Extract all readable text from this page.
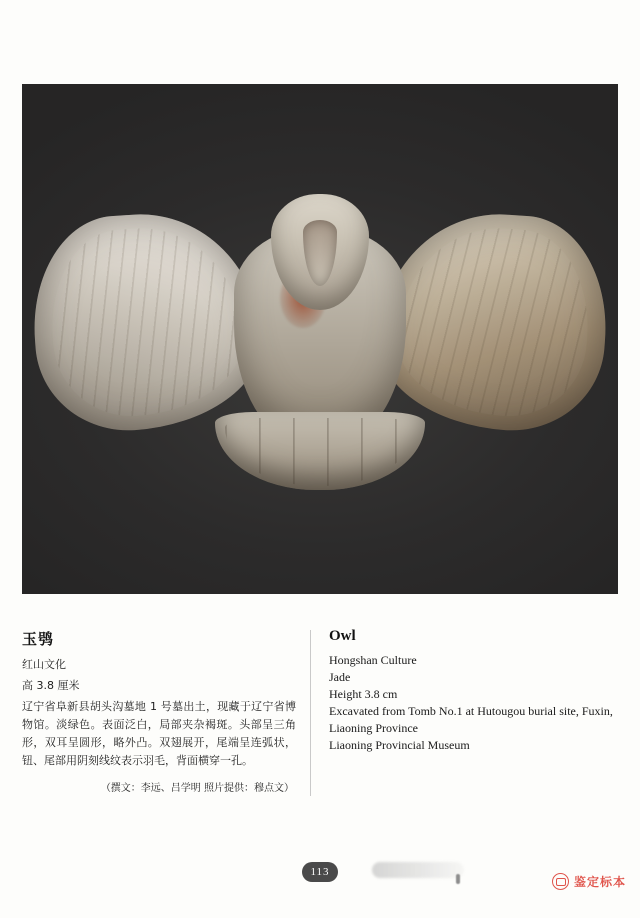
玉鸮
红山文化
高 3.8 厘米
辽宁省阜新县胡头沟墓地 1 号墓出土，现藏于辽宁省博物馆。淡绿色。表面泛白，局部夹杂褐斑。头部呈三角形，双耳呈圆形，略外凸。双翅展开，尾端呈连弧状，钮、尾部用阴刻线纹表示羽毛，背面横穿一孔。
（撰文：李远、吕学明 照片提供：穆点文）
Owl
Hongshan Culture
Jade
Height 3.8 cm
Excavated from Tomb No.1 at Hutougou burial site, Fuxin,
Liaoning Province
Liaoning Provincial Museum
113
鉴定标本
